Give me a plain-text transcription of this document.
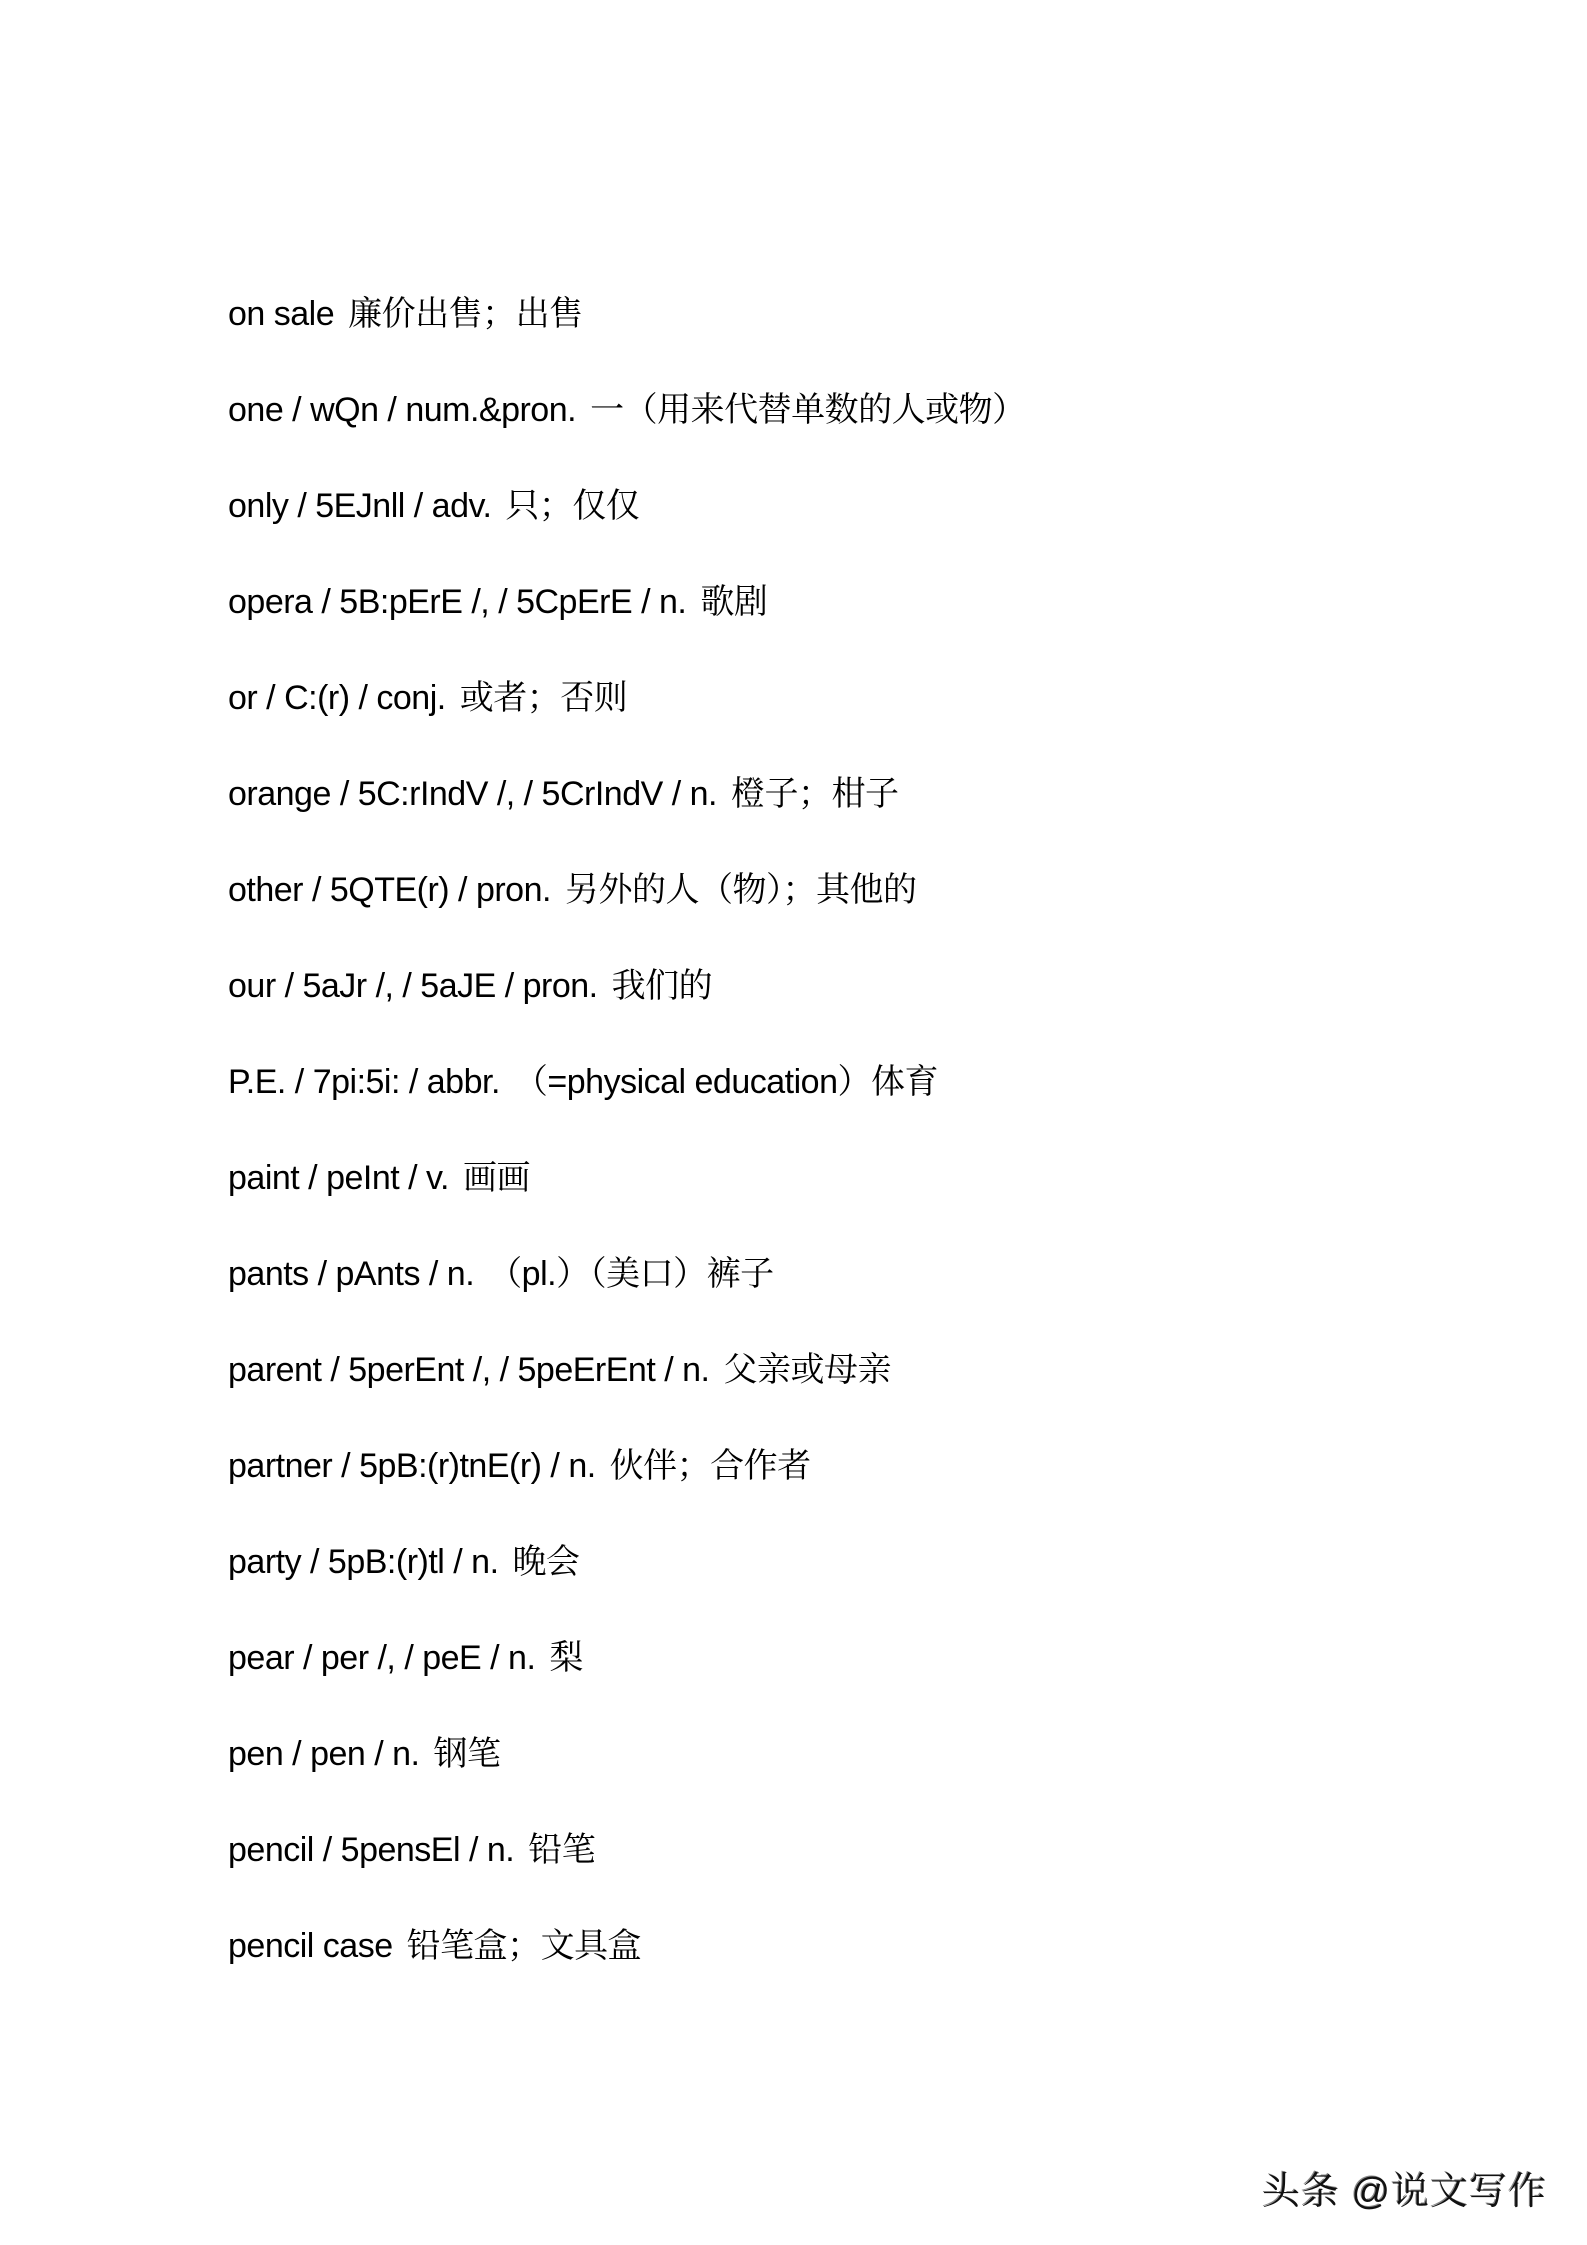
on sale 廉价出售；出售
one / wQn / num.&pron. 一（用来代替单数的人或物）
only / 5EJnll / adv. 只；仅仅
opera / 5B:pErE /, / 5CpErE / n. 歌剧
or / C:(r) / conj. 或者；否则
orange / 5C:rIndV /, / 5CrIndV / n. 橙子；柑子
other / 5QTE(r) / pron. 另外的人（物）；其他的
our / 5aJr /, / 5aJE / pron. 我们的
P.E. / 7pi:5i: / abbr. （=physical education）体育
paint / peInt / v. 画画
pants / pAnts / n. （pl.）（美口）裤子
parent / 5perEnt /, / 5peErEnt / n. 父亲或母亲
partner / 5pB:(r)tnE(r) / n. 伙伴；合作者
party / 5pB:(r)tl / n. 晚会
pear / per /, / peE / n. 梨
pen / pen / n. 钢笔
pencil / 5pensEl / n. 铅笔
pencil case 铅笔盒；文具盒
头条 @说文写作
